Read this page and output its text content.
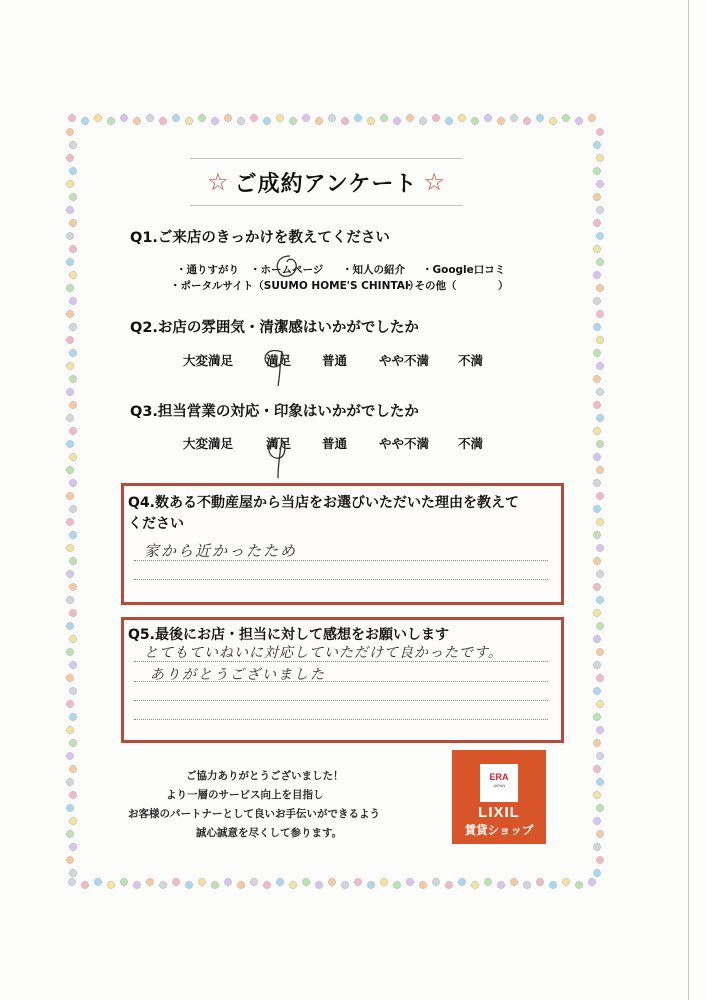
☆ ご成約アンケート ☆
Q1.ご来店のきっかけを教えてください
・通りすがり ・ホームページ ・知人の紹介 ・Google口コミ
・ポータルサイト（SUUMO HOME'S CHINTAI）
・その他（	）
Q2.お店の雰囲気・清潔感はいかがでしたか
大変満足	満足 普通	やや不満 不満
Q3.担当営業の対応・印象はいかがでしたか
大変満足	満足 普通	やや不満 不満
Q4.数ある不動産屋から当店をお選びいただいた理由を教えて
ください
家から近かったため
Q5.最後にお店・担当に対して感想をお願いします
とてもていねいに対応していただけて良かったです。
ありがとうございました
ご協力ありがとうございました！
より一層のサービス向上を目指し
お客様のパートナーとして良いお手伝いができるよう
誠心誠意を尽くして参ります。
ERA
JAPAN
LIXIL
賃貸ショップ
